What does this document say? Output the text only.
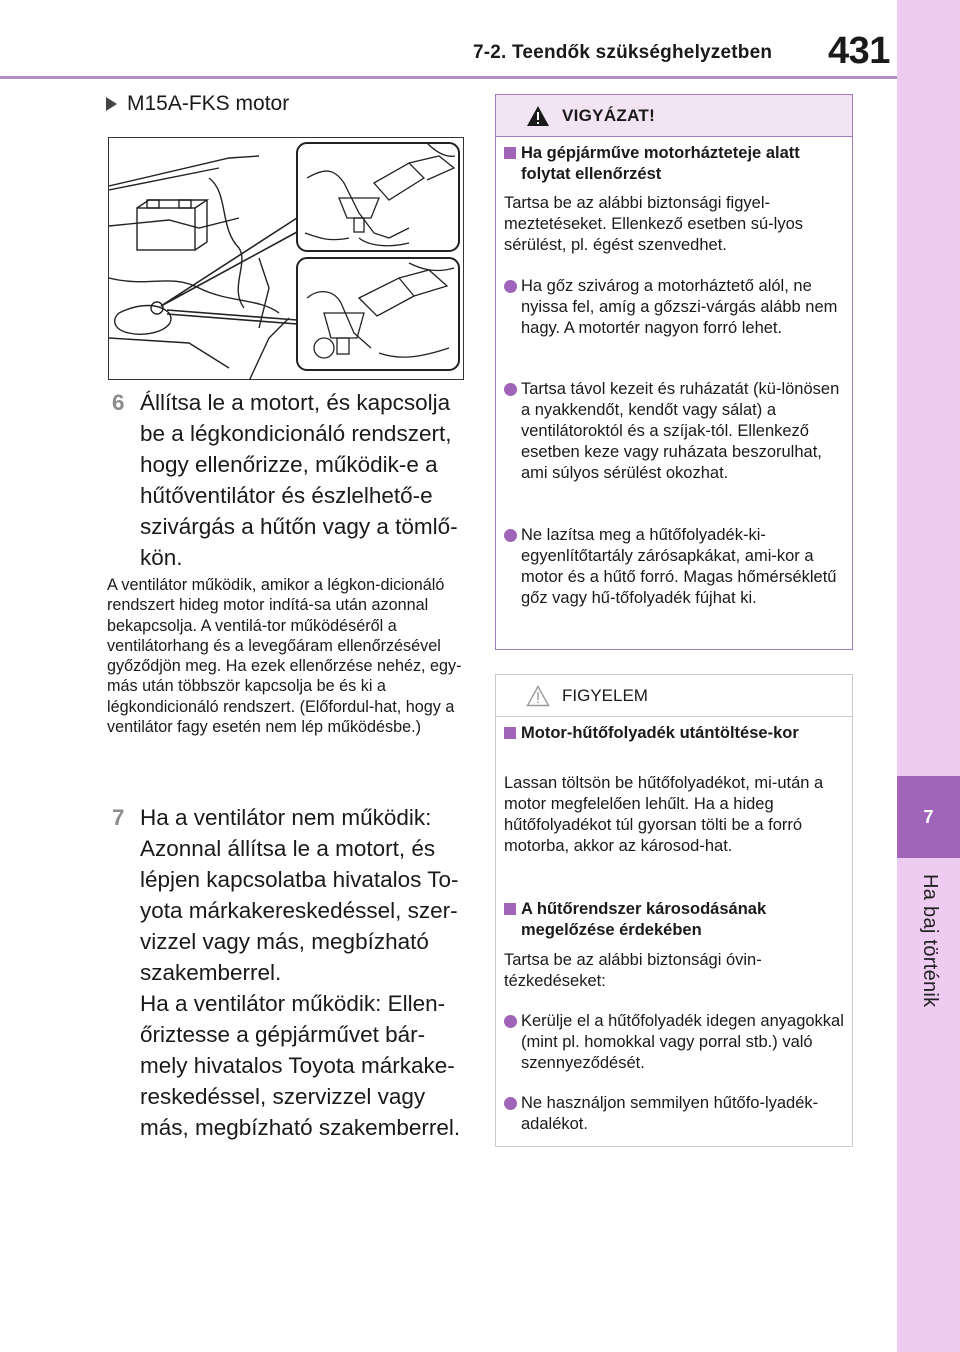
7-2. Teendők szükséghelyzetben 431
7
Ha baj történik
M15A-FKS motor
6 Állítsa le a motort, és kapcsolja be a légkondicionáló rendszert, hogy ellenőrizze, működik-e a hűtőventilátor és észlelhető-e szivárgás a hűtőn vagy a tömlő-kön.
A ventilátor működik, amikor a légkon-dicionáló rendszert hideg motor indítá-sa után azonnal bekapcsolja. A ventilá-tor működéséről a ventilátorhang és a levegőáram ellenőrzésével győződjön meg. Ha ezek ellenőrzése nehéz, egy-más után többször kapcsolja be és ki a légkondicionáló rendszert. (Előfordul-hat, hogy a ventilátor fagy esetén nem lép működésbe.)
7 Ha a ventilátor nem működik: Azonnal állítsa le a motort, és lépjen kapcsolatba hivatalos To-yota márkakereskedéssel, szer-vizzel vagy más, megbízható szakemberrel.
Ha a ventilátor működik: Ellen-őriztesse a gépjárművet bár-mely hivatalos Toyota márkake-reskedéssel, szervizzel vagy más, megbízható szakemberrel.
VIGYÁZAT!
Ha gépjárműve motorházteteje alatt folytat ellenőrzést
Tartsa be az alábbi biztonsági figyel-meztetéseket. Ellenkező esetben sú-lyos sérülést, pl. égést szenvedhet.
Ha gőz szivárog a motorháztető alól, ne nyissa fel, amíg a gőzszi-várgás alább nem hagy. A motortér nagyon forró lehet.
Tartsa távol kezeit és ruházatát (kü-lönösen a nyakkendőt, kendőt vagy sálat) a ventilátoroktól és a szíjak-tól. Ellenkező esetben keze vagy ruházata beszorulhat, ami súlyos sérülést okozhat.
Ne lazítsa meg a hűtőfolyadék-ki-egyenlítőtartály zárósapkákat, ami-kor a motor és a hűtő forró. Magas hőmérsékletű gőz vagy hű-tőfolyadék fújhat ki.
FIGYELEM
Motor-hűtőfolyadék utántöltése-kor
Lassan töltsön be hűtőfolyadékot, mi-után a motor megfelelően lehűlt. Ha a hideg hűtőfolyadékot túl gyorsan tölti be a forró motorba, akkor az károsod-hat.
A hűtőrendszer károsodásának megelőzése érdekében
Tartsa be az alábbi biztonsági óvin-tézkedéseket:
Kerülje el a hűtőfolyadék idegen anyagokkal (mint pl. homokkal vagy porral stb.) való szennyeződését.
Ne használjon semmilyen hűtőfo-lyadék-adalékot.
